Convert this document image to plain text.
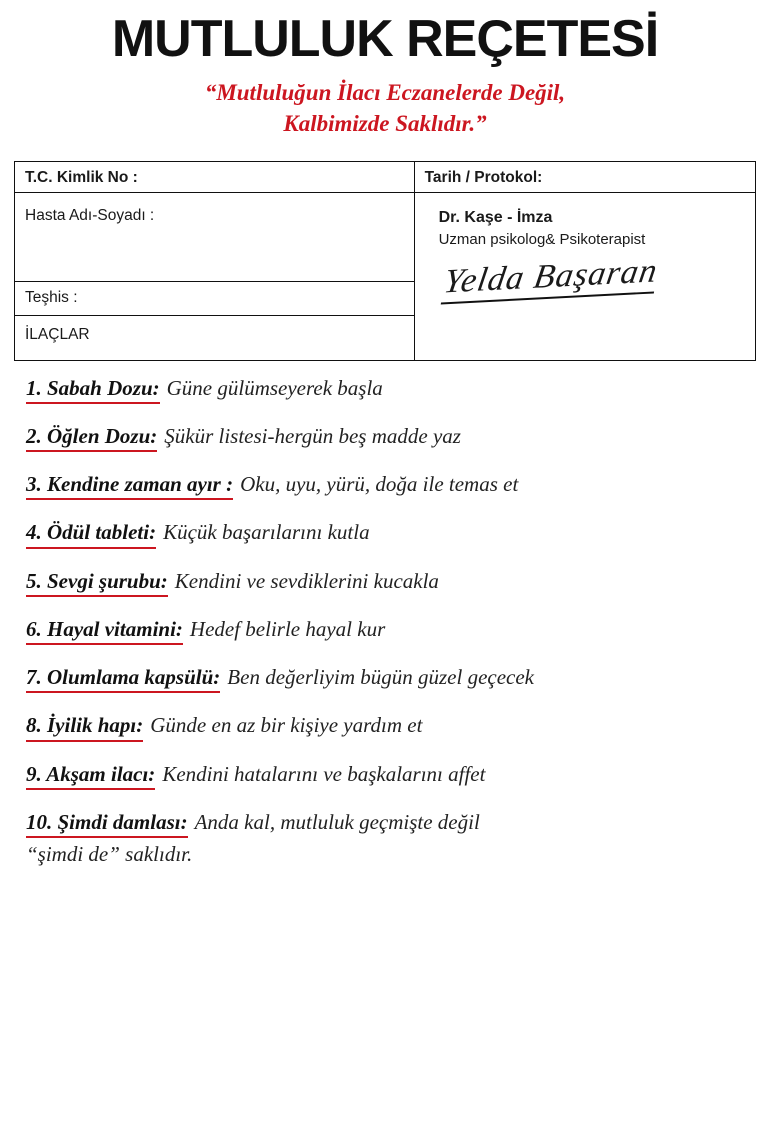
MUTLULUK REÇETESİ
“Mutluluğun İlacı Eczanelerde Değil,
Kalbimizde Saklıdır.”
T.C. Kimlik No :
Hasta Adı-Soyadı :
Teşhis :
İLAÇLAR
Tarih / Protokol:
Dr. Kaşe - İmza
Uzman psikolog& Psikoterapist
Yelda Başaran
1. Sabah Dozu: Güne gülümseyerek başla
2. Öğlen Dozu: Şükür listesi-hergün beş madde yaz
3. Kendine zaman ayır : Oku, uyu, yürü, doğa ile temas et
4. Ödül tableti: Küçük başarılarını kutla
5. Sevgi şurubu: Kendini ve sevdiklerini kucakla
6. Hayal vitamini: Hedef belirle hayal kur
7. Olumlama kapsülü: Ben değerliyim bügün güzel geçecek
8. İyilik hapı: Günde en az bir kişiye yardım et
9. Akşam ilacı: Kendini hatalarını ve başkalarını affet
10. Şimdi damlası: Anda kal, mutluluk geçmişte değil
“şimdi de” saklıdır.
